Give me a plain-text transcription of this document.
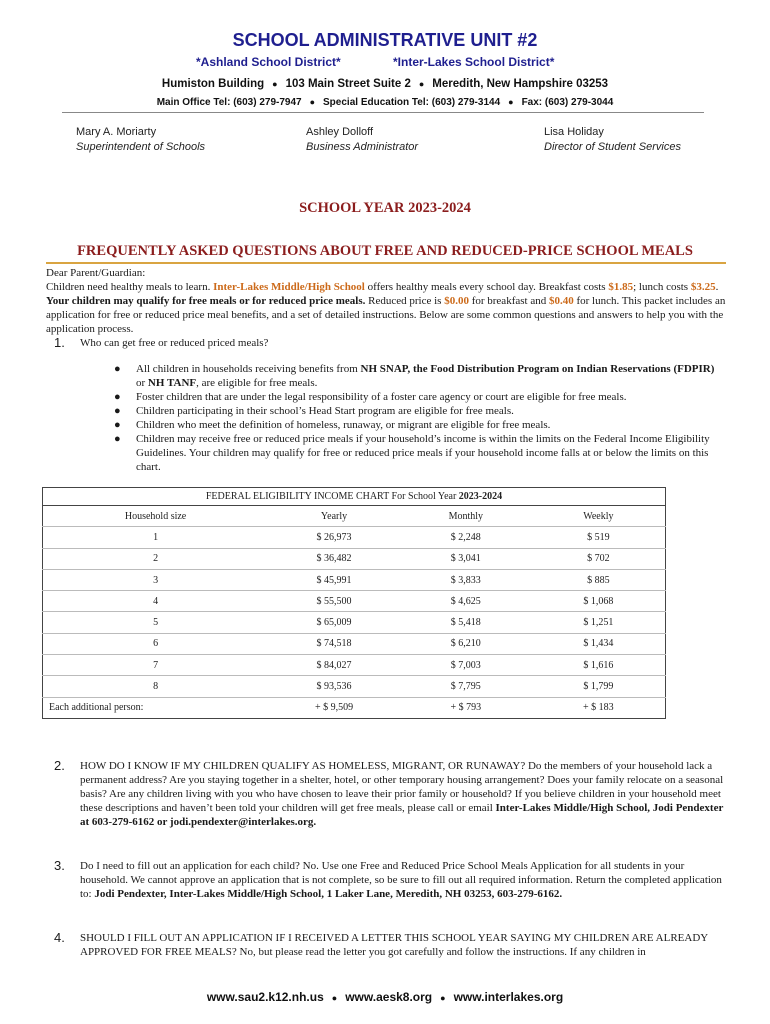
SCHOOL ADMINISTRATIVE UNIT #2
*Ashland School District*	*Inter-Lakes School District*
Humiston Building ● 103 Main Street Suite 2 ● Meredith, New Hampshire 03253
Main Office Tel: (603) 279-7947 ● Special Education Tel: (603) 279-3144 ● Fax: (603) 279-3044
Mary A. Moriarty
Superintendent of Schools
Ashley Dolloff
Business Administrator
Lisa Holiday
Director of Student Services
SCHOOL YEAR 2023-2024
FREQUENTLY ASKED QUESTIONS ABOUT FREE AND REDUCED-PRICE SCHOOL MEALS
Dear Parent/Guardian:
Children need healthy meals to learn. Inter-Lakes Middle/High School offers healthy meals every school day. Breakfast costs $1.85; lunch costs $3.25. Your children may qualify for free meals or for reduced price meals. Reduced price is $0.00 for breakfast and $0.40 for lunch. This packet includes an application for free or reduced price meal benefits, and a set of detailed instructions. Below are some common questions and answers to help you with the application process.
1. Who can get free or reduced priced meals?
● All children in households receiving benefits from NH SNAP, the Food Distribution Program on Indian Reservations (FDPIR) or NH TANF, are eligible for free meals.
● Foster children that are under the legal responsibility of a foster care agency or court are eligible for free meals.
● Children participating in their school’s Head Start program are eligible for free meals.
● Children who meet the definition of homeless, runaway, or migrant are eligible for free meals.
● Children may receive free or reduced price meals if your household’s income is within the limits on the Federal Income Eligibility Guidelines. Your children may qualify for free or reduced price meals if your household income falls at or below the limits on this chart.
FEDERAL ELIGIBILITY INCOME CHART For School Year 2023-2024			
Household size	Yearly	Monthly	Weekly
1	$ 26,973	$ 2,248	$ 519
2	$ 36,482	$ 3,041	$ 702
3	$ 45,991	$ 3,833	$ 885
4	$ 55,500	$ 4,625	$ 1,068
5	$ 65,009	$ 5,418	$ 1,251
6	$ 74,518	$ 6,210	$ 1,434
7	$ 84,027	$ 7,003	$ 1,616
8	$ 93,536	$ 7,795	$ 1,799
Each additional person:	+ $ 9,509	+ $ 793	+ $ 183
2. HOW DO I KNOW IF MY CHILDREN QUALIFY AS HOMELESS, MIGRANT, OR RUNAWAY? Do the members of your household lack a permanent address? Are you staying together in a shelter, hotel, or other temporary housing arrangement? Does your family relocate on a seasonal basis? Are any children living with you who have chosen to leave their prior family or household? If you believe children in your household meet these descriptions and haven’t been told your children will get free meals, please call or email Inter-Lakes Middle/High School, Jodi Pendexter at 603-279-6162 or jodi.pendexter@interlakes.org.
3. Do I need to fill out an application for each child? No. Use one Free and Reduced Price School Meals Application for all students in your household. We cannot approve an application that is not complete, so be sure to fill out all required information. Return the completed application to: Jodi Pendexter, Inter-Lakes Middle/High School, 1 Laker Lane, Meredith, NH 03253, 603-279-6162.
4. SHOULD I FILL OUT AN APPLICATION IF I RECEIVED A LETTER THIS SCHOOL YEAR SAYING MY CHILDREN ARE ALREADY APPROVED FOR FREE MEALS? No, but please read the letter you got carefully and follow the instructions. If any children in
www.sau2.k12.nh.us ● www.aesk8.org ● www.interlakes.org
